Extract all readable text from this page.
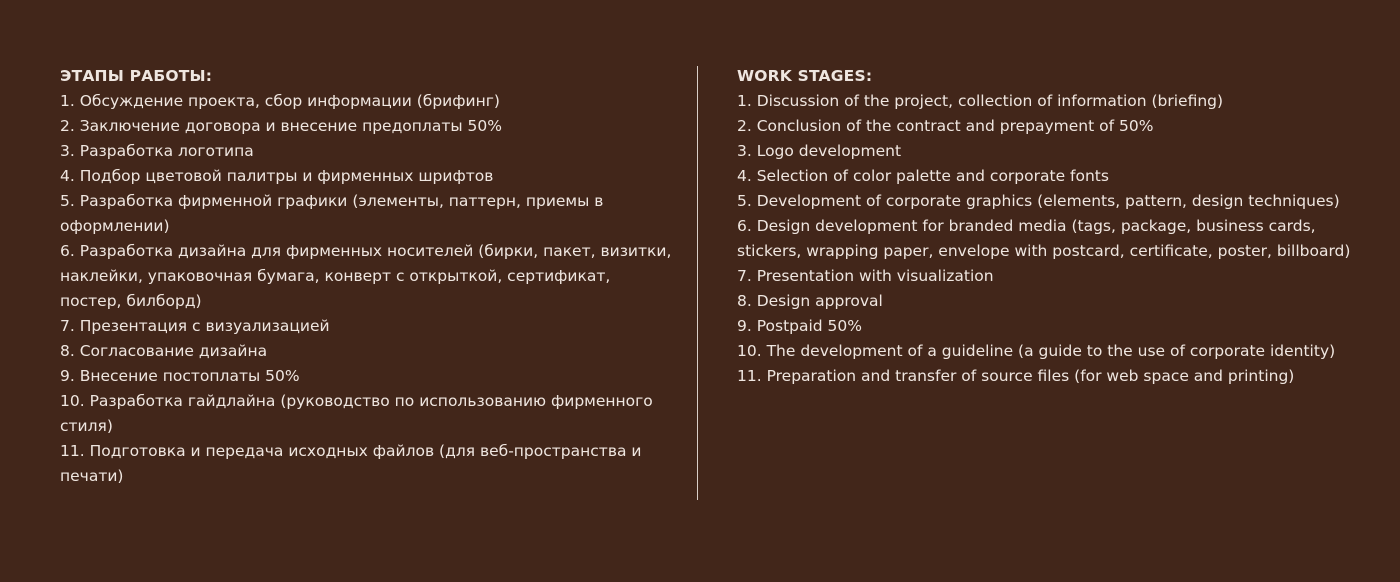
ЭТАПЫ РАБОТЫ:
1. Обсуждение проекта, сбор информации (брифинг)
2. Заключение договора и внесение предоплаты 50%
3. Разработка логотипа
4. Подбор цветовой палитры и фирменных шрифтов
5. Разработка фирменной графики (элементы, паттерн, приемы в оформлении)
6. Разработка дизайна для фирменных носителей (бирки, пакет, визитки, наклейки, упаковочная бумага, конверт с открыткой, сертификат, постер, билборд)
7. Презентация с визуализацией
8. Согласование дизайна
9. Внесение постоплаты 50%
10. Разработка гайдлайна (руководство по использованию фирменного стиля)
11. Подготовка и передача исходных файлов (для веб-пространства и печати)
WORK STAGES:
1. Discussion of the project, collection of information (briefing)
2. Conclusion of the contract and prepayment of 50%
3. Logo development
4. Selection of color palette and corporate fonts
5. Development of corporate graphics (elements, pattern, design techniques)
6. Design development for branded media (tags, package, business cards, stickers, wrapping paper, envelope with postcard, certificate, poster, billboard)
7. Presentation with visualization
8. Design approval
9. Postpaid 50%
10. The development of a guideline (a guide to the use of corporate identity)
11. Preparation and transfer of source files (for web space and printing)
